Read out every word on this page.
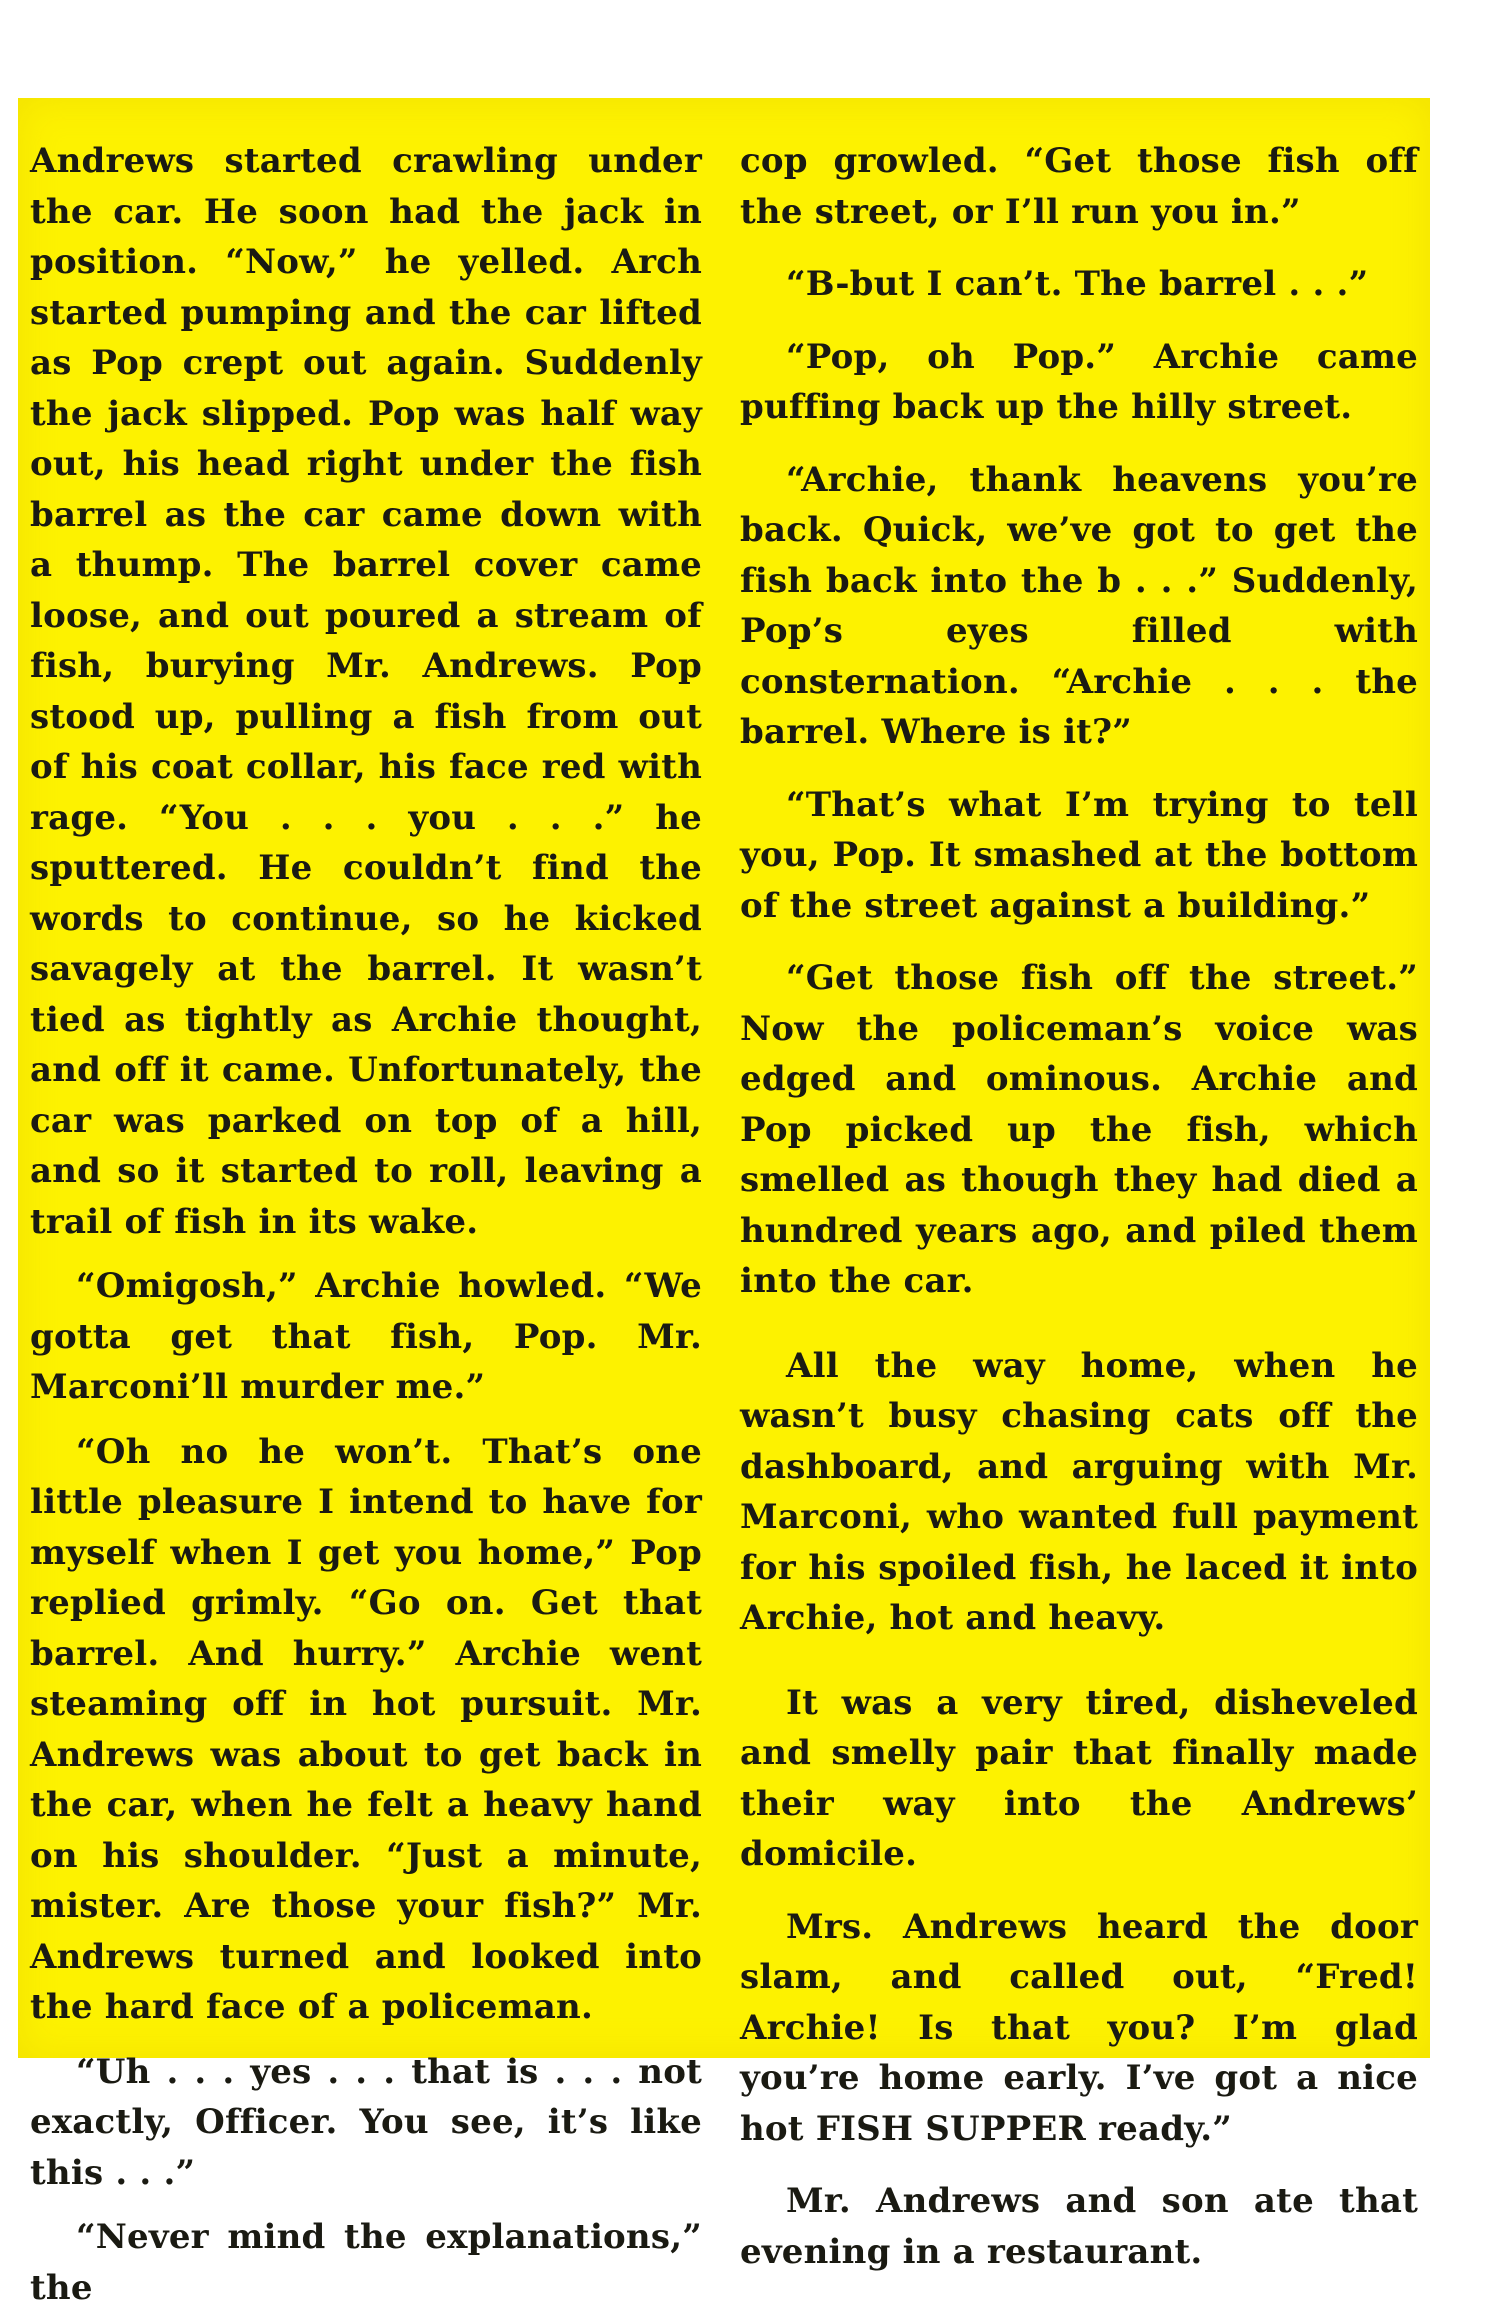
Andrews started crawling under the car. He soon had the jack in position. “Now,” he yelled. Arch started pumping and the car lifted as Pop crept out again. Suddenly the jack slipped. Pop was half way out, his head right under the fish barrel as the car came down with a thump. The barrel cover came loose, and out poured a stream of fish, burying Mr. Andrews. Pop stood up, pulling a fish from out of his coat collar, his face red with rage. “You . . . you . . .” he sputtered. He couldn’t find the words to continue, so he kicked savagely at the barrel. It wasn’t tied as tightly as Archie thought, and off it came. Unfortunately, the car was parked on top of a hill, and so it started to roll, leaving a trail of fish in its wake.

“Omigosh,” Archie howled. “We gotta get that fish, Pop. Mr. Marconi’ll murder me.”

“Oh no he won’t. That’s one little pleasure I intend to have for myself when I get you home,” Pop replied grimly. “Go on. Get that barrel. And hurry.” Archie went steaming off in hot pursuit. Mr. Andrews was about to get back in the car, when he felt a heavy hand on his shoulder. “Just a minute, mister. Are those your fish?” Mr. Andrews turned and looked into the hard face of a policeman.

“Uh . . . yes . . . that is . . . not exactly, Officer. You see, it’s like this . . .”

“Never mind the explanations,” the

cop growled. “Get those fish off the street, or I’ll run you in.”

“B-but I can’t. The barrel . . .”

“Pop, oh Pop.” Archie came puffing back up the hilly street.

“Archie, thank heavens you’re back. Quick, we’ve got to get the fish back into the b . . .” Suddenly, Pop’s eyes filled with consternation. “Archie . . . the barrel. Where is it?”

“That’s what I’m trying to tell you, Pop. It smashed at the bottom of the street against a building.”

“Get those fish off the street.” Now the policeman’s voice was edged and ominous. Archie and Pop picked up the fish, which smelled as though they had died a hundred years ago, and piled them into the car.

All the way home, when he wasn’t busy chasing cats off the dashboard, and arguing with Mr. Marconi, who wanted full payment for his spoiled fish, he laced it into Archie, hot and heavy.

It was a very tired, disheveled and smelly pair that finally made their way into the Andrews’ domicile.

Mrs. Andrews heard the door slam, and called out, “Fred! Archie! Is that you? I’m glad you’re home early. I’ve got a nice hot FISH SUPPER ready.”

Mr. Andrews and son ate that evening in a restaurant.
